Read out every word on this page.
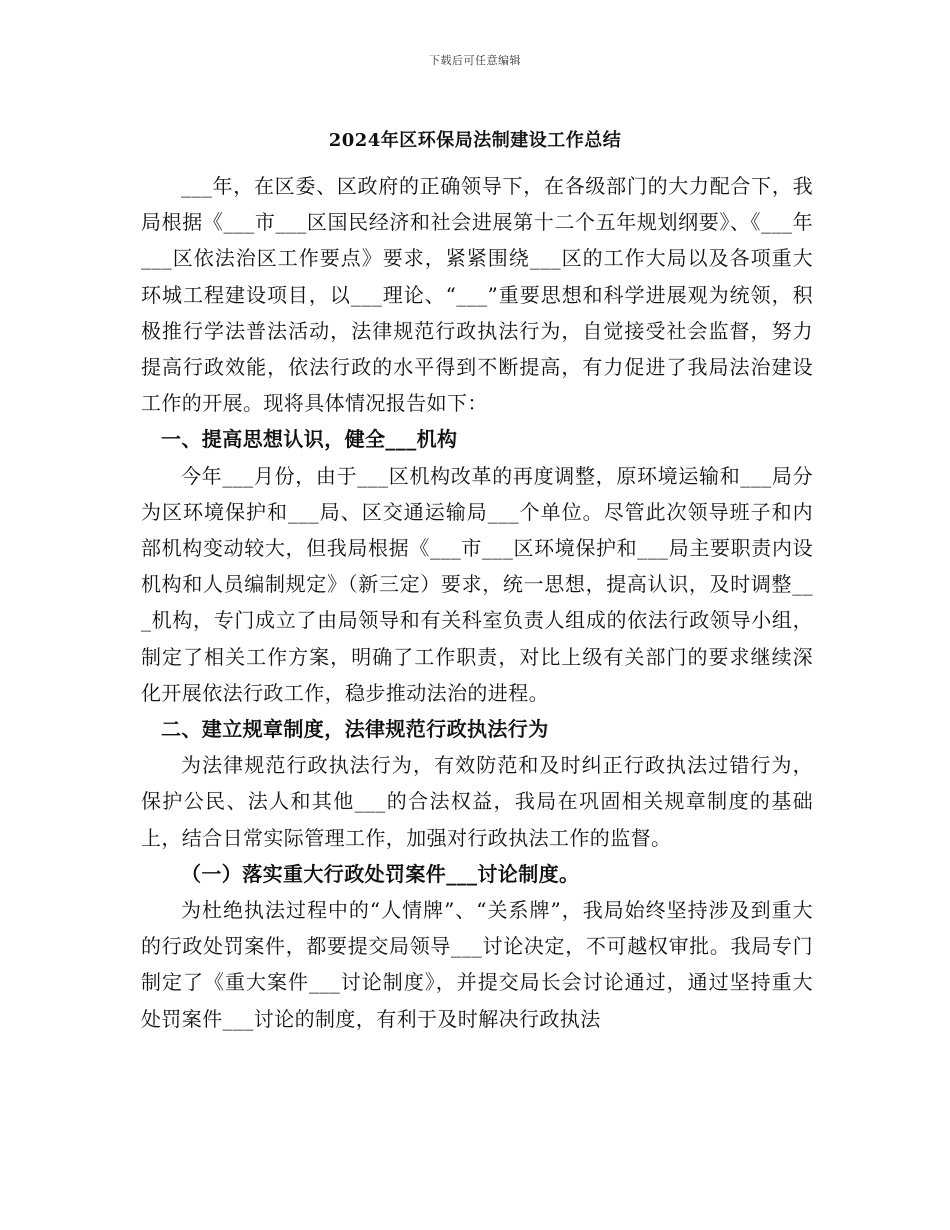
下载后可任意编辑
2024年区环保局法制建设工作总结

___年，在区委、区政府的正确领导下，在各级部门的大力配合下，我局根据《___市___区国民经济和社会进展第十二个五年规划纲要》、《___年___区依法治区工作要点》要求，紧紧围绕___区的工作大局以及各项重大环城工程建设项目，以___理论、“___”重要思想和科学进展观为统领，积极推行学法普法活动，法律规范行政执法行为，自觉接受社会监督，努力提高行政效能，依法行政的水平得到不断提高，有力促进了我局法治建设工作的开展。现将具体情况报告如下：

一、提高思想认识，健全___机构

今年___月份，由于___区机构改革的再度调整，原环境运输和___局分为区环境保护和___局、区交通运输局___个单位。尽管此次领导班子和内部机构变动较大，但我局根据《___市___区环境保护和___局主要职责内设机构和人员编制规定》（新三定）要求，统一思想，提高认识，及时调整___机构，专门成立了由局领导和有关科室负责人组成的依法行政领导小组，制定了相关工作方案，明确了工作职责，对比上级有关部门的要求继续深化开展依法行政工作，稳步推动法治的进程。

二、建立规章制度，法律规范行政执法行为

为法律规范行政执法行为，有效防范和及时纠正行政执法过错行为，保护公民、法人和其他___的合法权益，我局在巩固相关规章制度的基础上，结合日常实际管理工作，加强对行政执法工作的监督。

（一）落实重大行政处罚案件___讨论制度。

为杜绝执法过程中的“人情牌”、“关系牌”，我局始终坚持涉及到重大的行政处罚案件，都要提交局领导___讨论决定，不可越权审批。我局专门制定了《重大案件___讨论制度》，并提交局长会讨论通过，通过坚持重大处罚案件___讨论的制度，有利于及时解决行政执法
